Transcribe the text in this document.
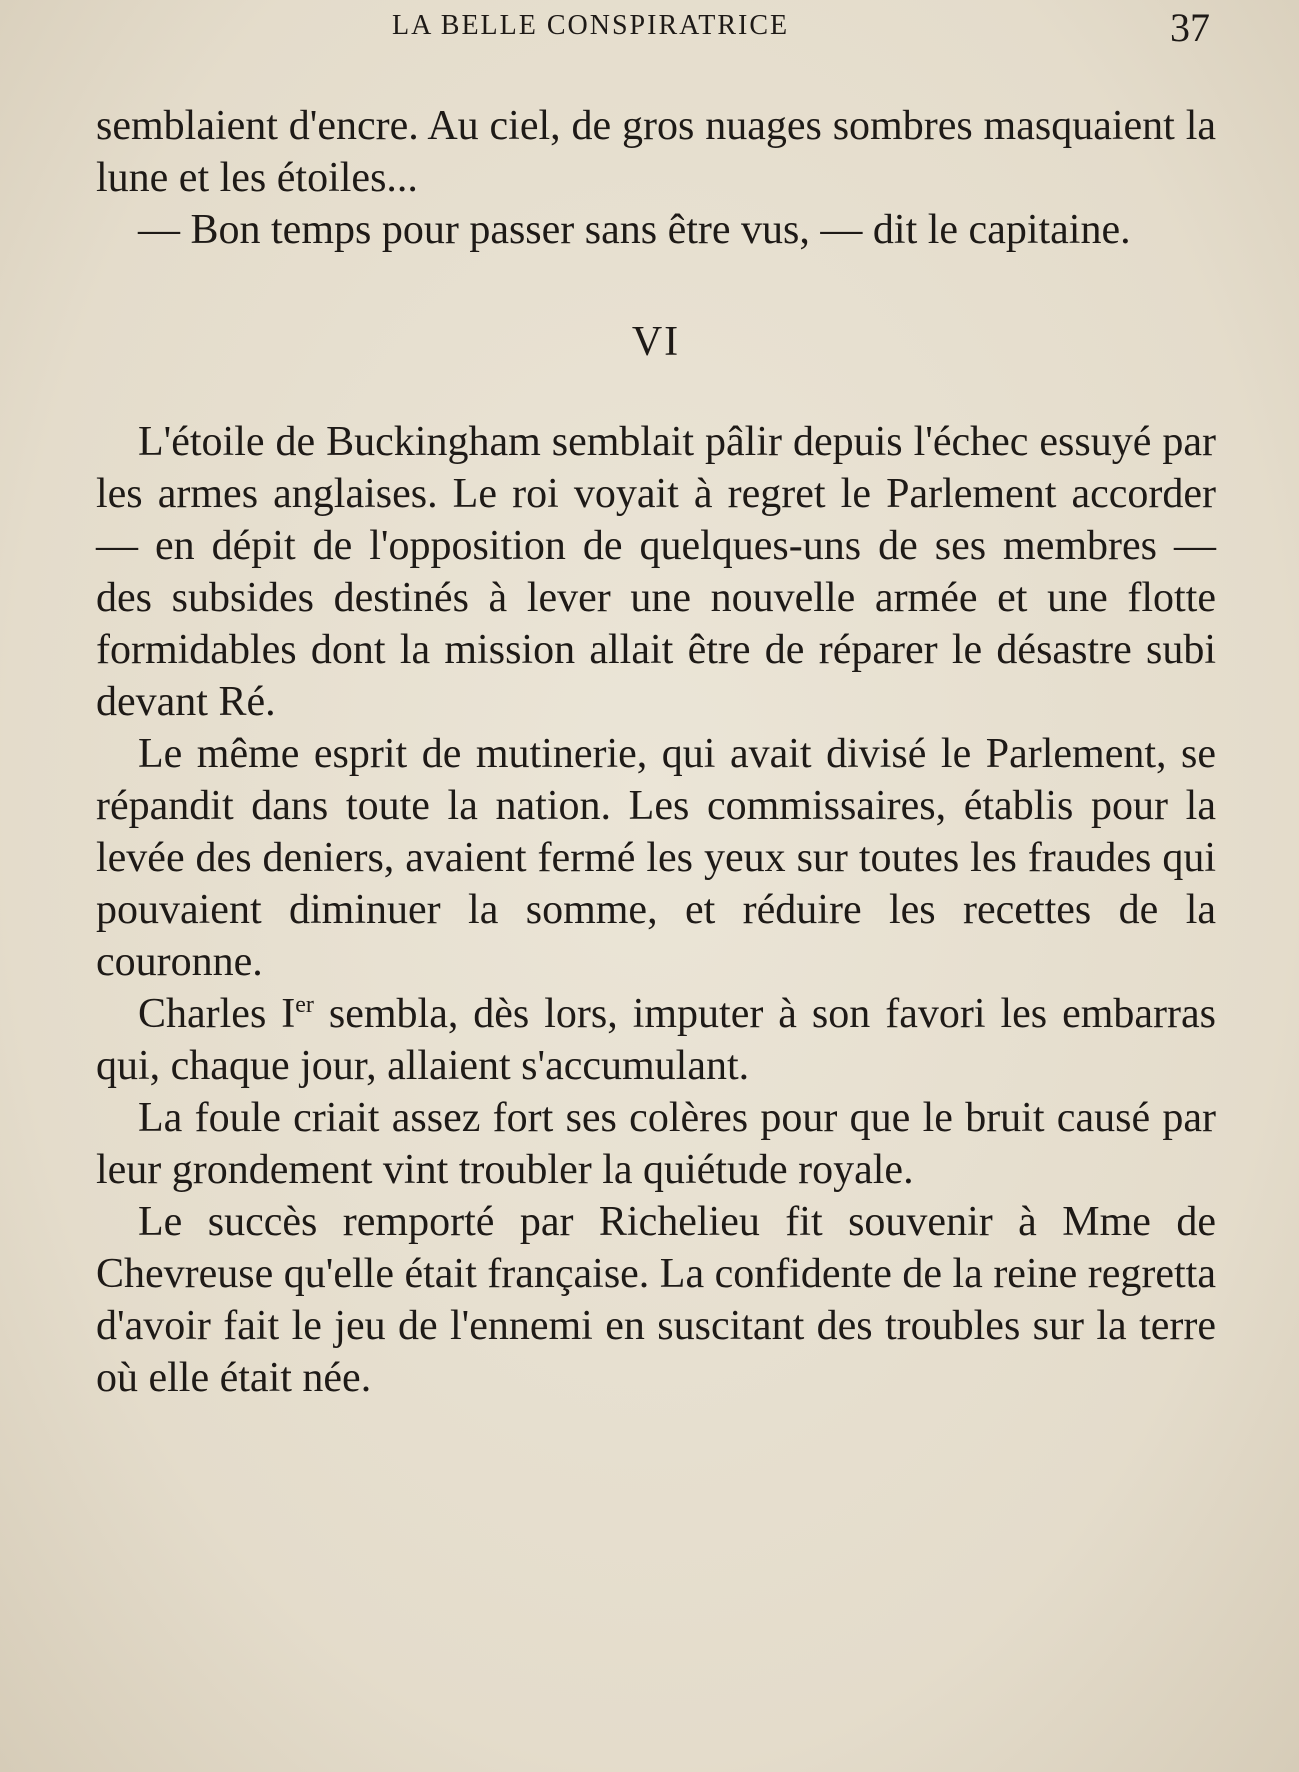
LA BELLE CONSPIRATRICE	37

semblaient d'encre. Au ciel, de gros nuages sombres masquaient la lune et les étoiles...

— Bon temps pour passer sans être vus, — dit le capitaine.

VI

L'étoile de Buckingham semblait pâlir depuis l'échec essuyé par les armes anglaises. Le roi voyait à regret le Parlement accorder — en dépit de l'opposition de quelques-uns de ses membres — des subsides destinés à lever une nouvelle armée et une flotte formidables dont la mission allait être de réparer le désastre subi devant Ré.

Le même esprit de mutinerie, qui avait divisé le Parlement, se répandit dans toute la nation. Les commissaires, établis pour la levée des deniers, avaient fermé les yeux sur toutes les fraudes qui pouvaient diminuer la somme, et réduire les recettes de la couronne.

Charles Ier sembla, dès lors, imputer à son favori les embarras qui, chaque jour, allaient s'accumulant.

La foule criait assez fort ses colères pour que le bruit causé par leur grondement vint troubler la quiétude royale.

Le succès remporté par Richelieu fit souvenir à Mme de Chevreuse qu'elle était française. La confidente de la reine regretta d'avoir fait le jeu de l'ennemi en suscitant des troubles sur la terre où elle était née.
